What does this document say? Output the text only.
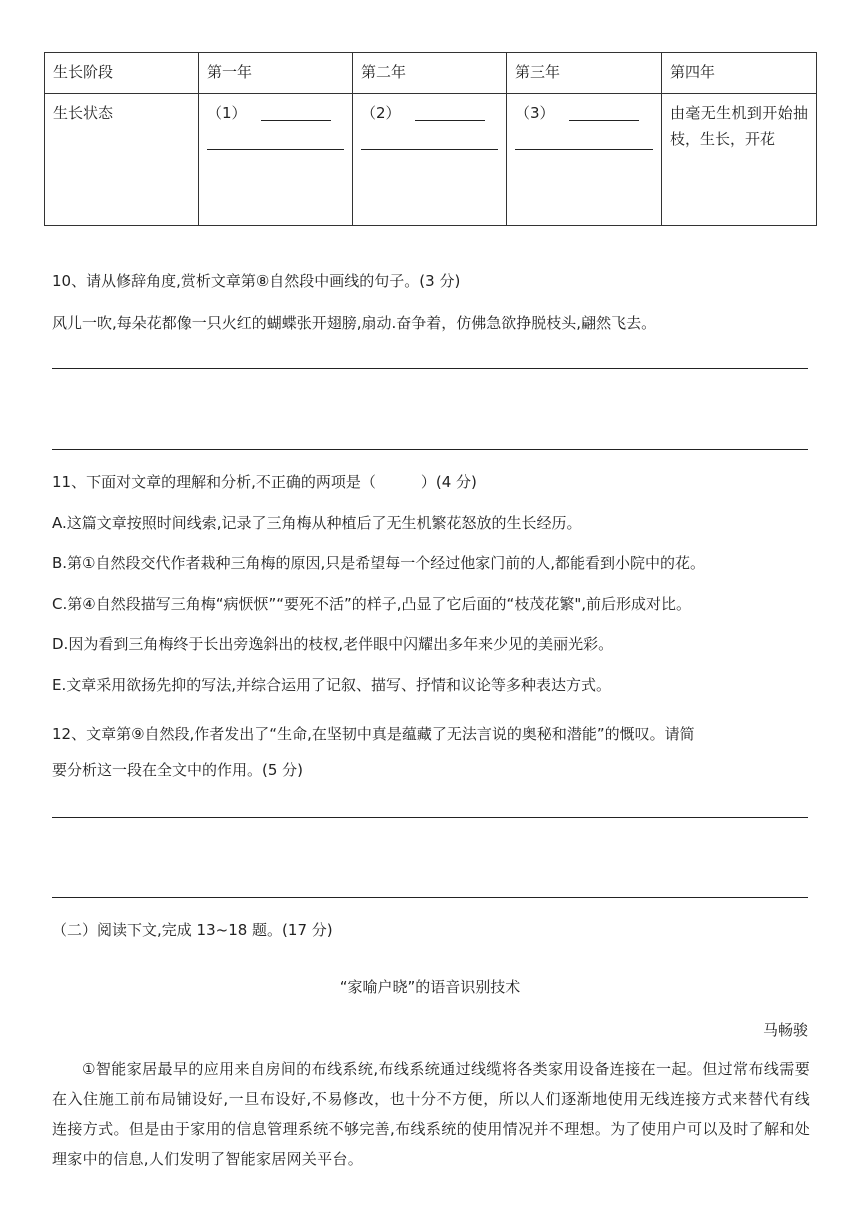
生长阶段	第一年	第二年	第三年	第四年
生长状态	（1）	（2）	（3）	由毫无生机到开始抽枝，生长，开花
10、请从修辞角度,赏析文章第⑧自然段中画线的句子。(3 分)
风儿一吹,每朵花都像一只火红的蝴蝶张开翅膀,扇动.奋争着，仿佛急欲挣脱枝头,翩然飞去。
11、下面对文章的理解和分析,不正确的两项是（　　　）(4 分)
A.这篇文章按照时间线索,记录了三角梅从种植后了无生机繁花怒放的生长经历。
B.第①自然段交代作者栽种三角梅的原因,只是希望每一个经过他家门前的人,都能看到小院中的花。
C.第④自然段描写三角梅“病恹恹”“要死不活”的样子,凸显了它后面的“枝茂花繁",前后形成对比。
D.因为看到三角梅终于长出旁逸斜出的枝杈,老伴眼中闪耀出多年来少见的美丽光彩。
E.文章采用欲扬先抑的写法,并综合运用了记叙、描写、抒情和议论等多种表达方式。
12、文章第⑨自然段,作者发出了“生命,在坚韧中真是蕴藏了无法言说的奥秘和潜能”的慨叹。请简
要分析这一段在全文中的作用。(5 分)
（二）阅读下文,完成 13~18 题。(17 分)
“家喻户晓”的语音识别技术
马畅骏
①智能家居最早的应用来自房间的布线系统,布线系统通过线缆将各类家用设备连接在一起。但过常布线需要在入住施工前布局铺设好,一旦布设好,不易修改，也十分不方便，所以人们逐渐地使用无线连接方式来替代有线连接方式。但是由于家用的信息管理系统不够完善,布线系统的使用情况并不理想。为了使用户可以及时了解和处理家中的信息,人们发明了智能家居网关平台。
